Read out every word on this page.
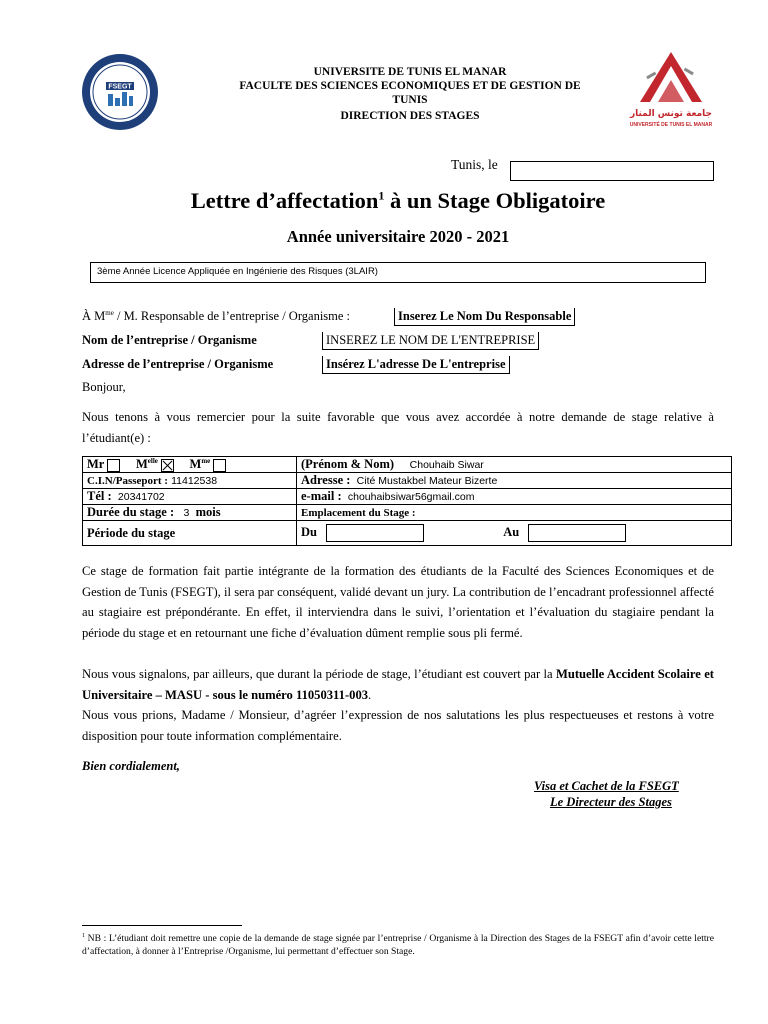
FSEGT
UNIVERSITE DE TUNIS EL MANAR
FACULTE DES SCIENCES ECONOMIQUES ET DE GESTION DE
TUNIS
DIRECTION DES STAGES	جامعة تونس المنار
UNIVERSITÉ DE TUNIS EL MANAR
Tunis, le
Lettre d’affectation$^1$ à un Stage Obligatoire
Année universitaire 2020 - 2021
3ème Année Licence Appliquée en Ingénierie des Risques (3LAIR)
À $M^{me}$ / M. Responsable de l’entreprise / Organisme :	Inserez Le Nom Du Responsable
Nom de l’entreprise / Organisme	INSEREZ LE NOM DE L'ENTREPRISE
Adresse de l’entreprise / Organisme	Insérez L'adresse De L'entreprise
Bonjour,
Nous tenons à vous remercier pour la suite favorable que vous avez accordée à notre demande de stage relative à l’étudiant(e) :
Mr $M^{elle}$ $M^{me}$	(Prénom & Nom) Chouhaib Siwar
C.I.N/Passeport : 11412538	Adresse : Cité Mustakbel Mateur Bizerte
Tél : 20341702	e-mail : chouhaibsiwar56gmail.com
Durée du stage : 3 mois	Emplacement du Stage :
Période du stage	Du Au
Ce stage de formation fait partie intégrante de la formation des étudiants de la Faculté des Sciences Economiques et de Gestion de Tunis (FSEGT), il sera par conséquent, validé devant un jury. La contribution de l’encadrant professionnel affecté au stagiaire est prépondérante. En effet, il interviendra dans le suivi, l’orientation et l’évaluation du stagiaire pendant la période du stage et en retournant une fiche d’évaluation dûment remplie sous pli fermé.
Nous vous signalons, par ailleurs, que durant la période de stage, l’étudiant est couvert par la Mutuelle Accident Scolaire et Universitaire – MASU - sous le numéro 11050311-003.
Nous vous prions, Madame / Monsieur, d’agréer l’expression de nos salutations les plus respectueuses et restons à votre disposition pour toute information complémentaire.
Bien cordialement,
Visa et Cachet de la FSEGT
Le Directeur des Stages
$^1$ NB : L’étudiant doit remettre une copie de la demande de stage signée par l’entreprise / Organisme à la Direction des Stages de la FSEGT afin d’avoir cette lettre d’affectation, à donner à l’Entreprise /Organisme, lui permettant d’effectuer son Stage.
